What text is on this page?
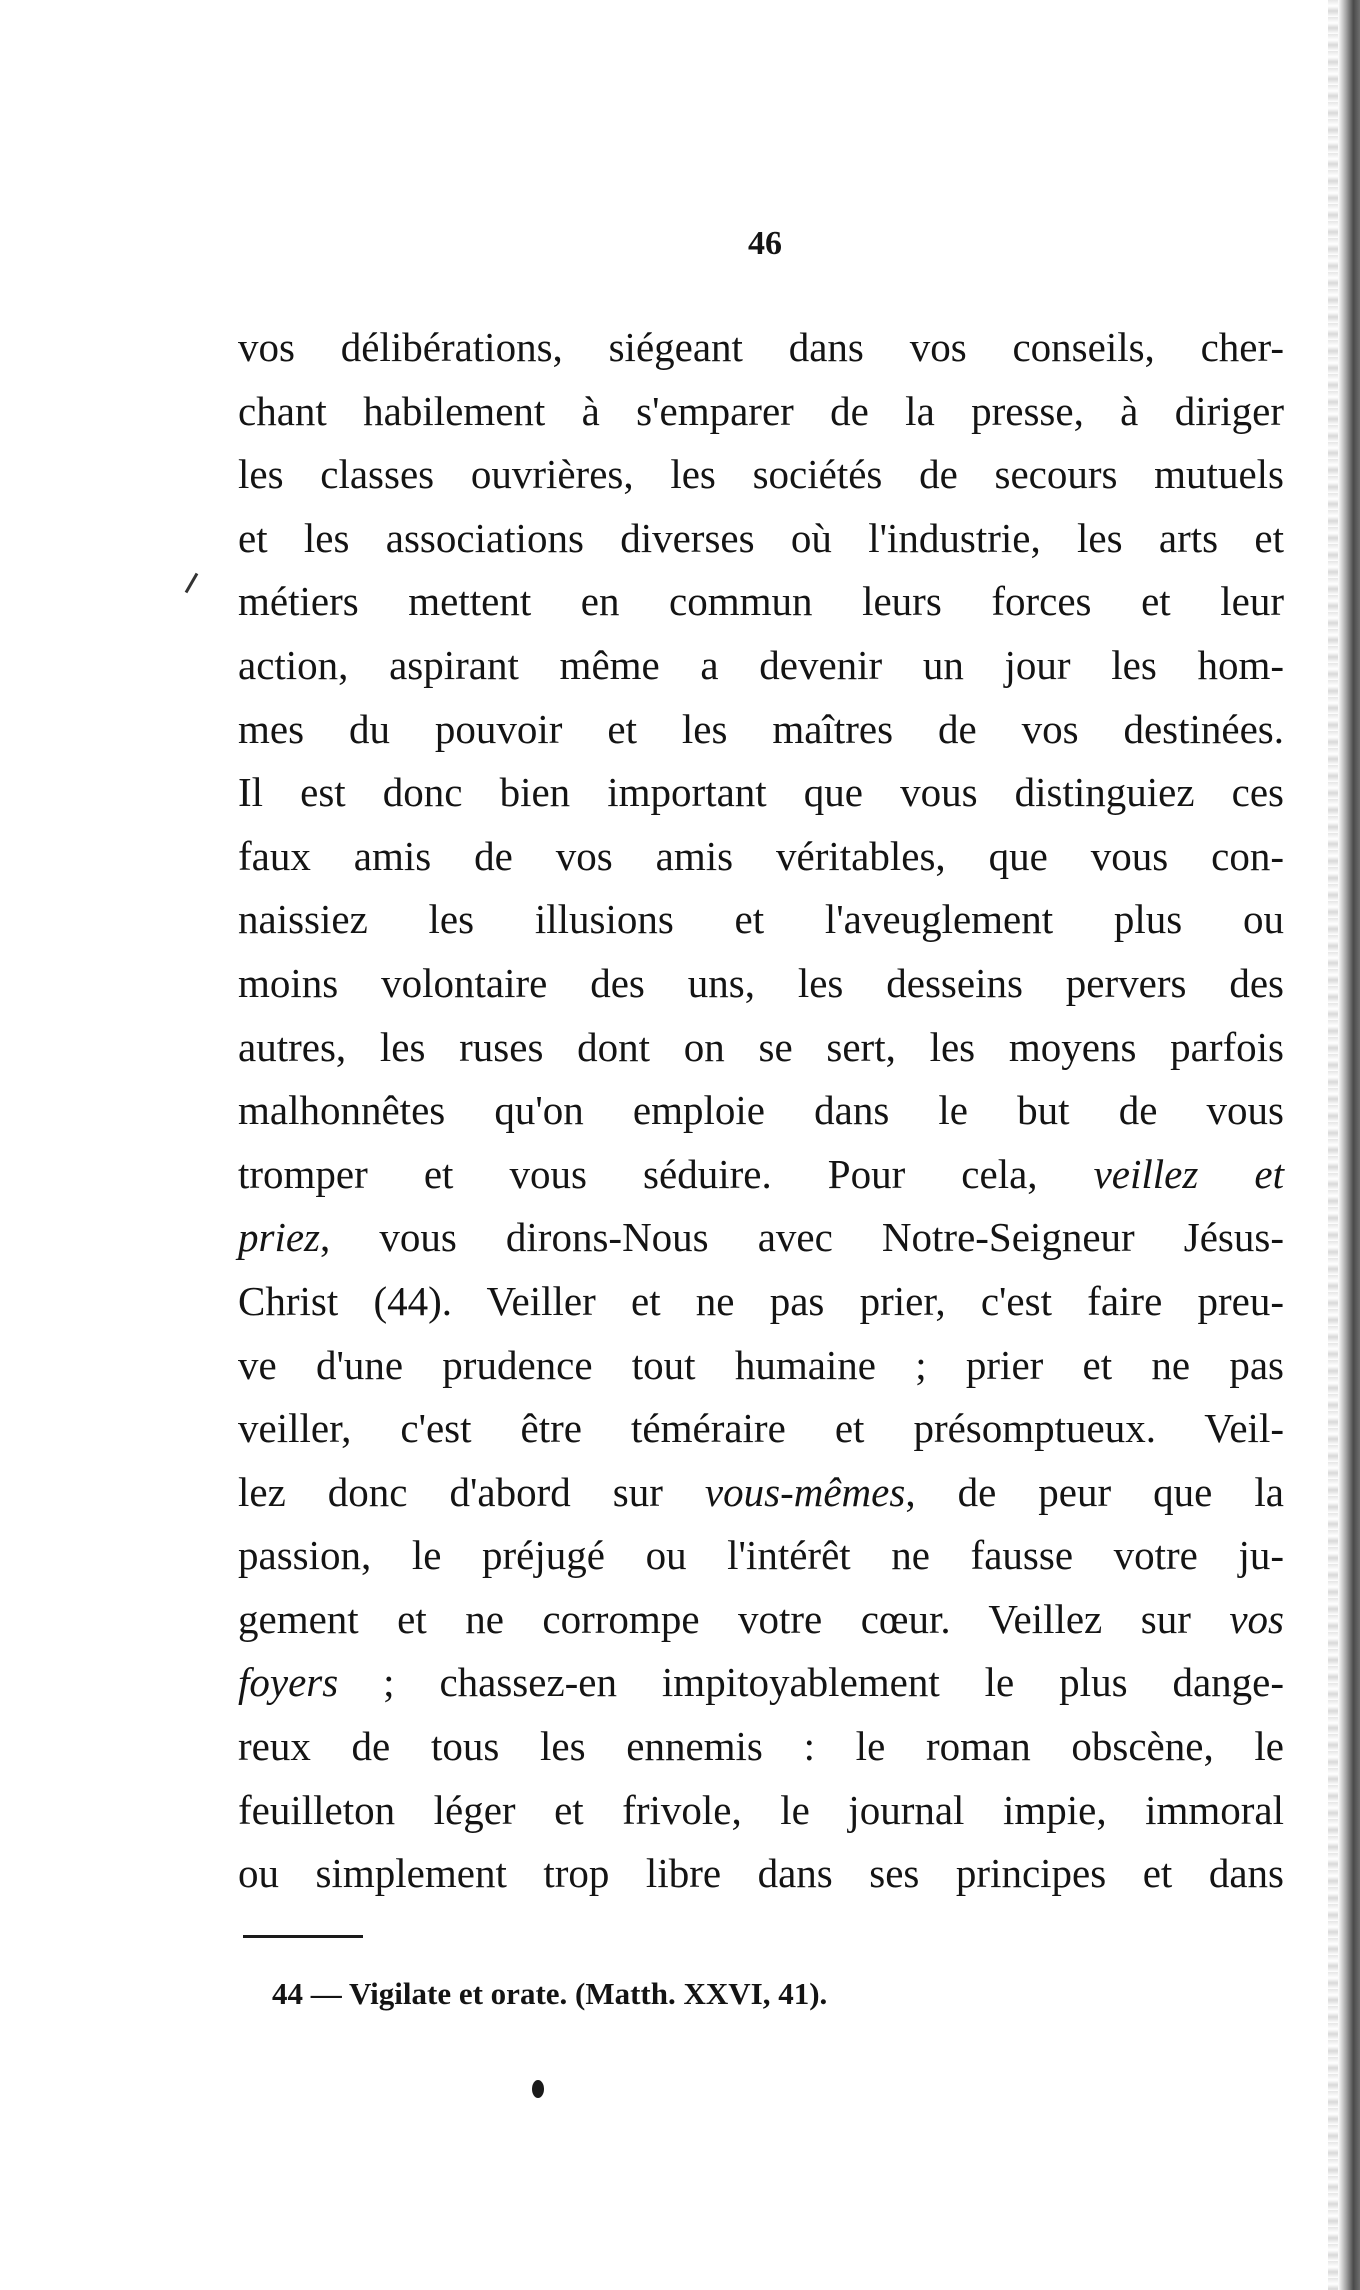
46
vos délibérations, siégeant dans vos conseils, cher-
chant habilement à s'emparer de la presse, à diriger
les classes ouvrières, les sociétés de secours mutuels
et les associations diverses où l'industrie, les arts et
métiers mettent en commun leurs forces et leur
action, aspirant même a devenir un jour les hom-
mes du pouvoir et les maîtres de vos destinées.
Il est donc bien important que vous distinguiez ces
faux amis de vos amis véritables, que vous con-
naissiez les illusions et l'aveuglement plus ou
moins volontaire des uns, les desseins pervers des
autres, les ruses dont on se sert, les moyens parfois
malhonnêtes qu'on emploie dans le but de vous
tromper et vous séduire. Pour cela, veillez et
priez, vous dirons-Nous avec Notre-Seigneur Jésus-
Christ (44). Veiller et ne pas prier, c'est faire preu-
ve d'une prudence tout humaine ; prier et ne pas
veiller, c'est être téméraire et présomptueux. Veil-
lez donc d'abord sur vous-mêmes, de peur que la
passion, le préjugé ou l'intérêt ne fausse votre ju-
gement et ne corrompe votre cœur. Veillez sur vos
foyers ; chassez-en impitoyablement le plus dange-
reux de tous les ennemis : le roman obscène, le
feuilleton léger et frivole, le journal impie, immoral
ou simplement trop libre dans ses principes et dans
44 — Vigilate et orate. (Matth. XXVI, 41).
